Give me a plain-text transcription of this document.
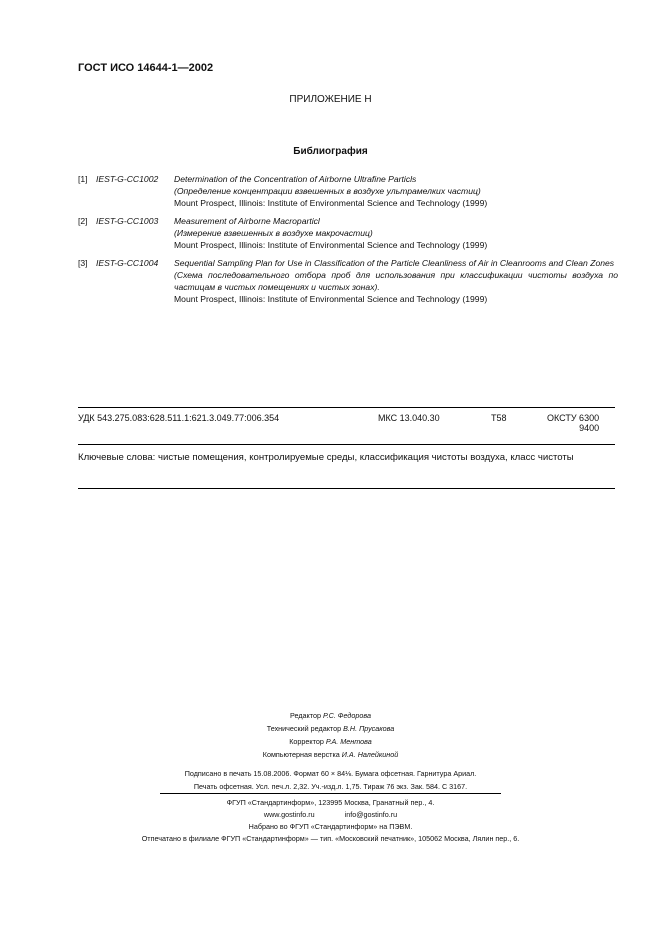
ГОСТ ИСО 14644-1—2002
ПРИЛОЖЕНИЕ Н
Библиография
[1] IEST-G-CC1002	Determination of the Concentration of Airborne Ultrafine Particls
(Определение концентрации взвешенных в воздухе ультрамелких частиц)
Mount Prospect, Illinois: Institute of Environmental Science and Technology (1999)
[2] IEST-G-CC1003	Measurement of Airborne Macroparticl
(Измерение взвешенных в воздухе макрочастиц)
Mount Prospect, Illinois: Institute of Environmental Science and Technology (1999)
[3] IEST-G-CC1004	Sequential Sampling Plan for Use in Classification of the Particle Cleanliness of Air in Cleanrooms and Clean Zones
(Схема последовательного отбора проб для использования при классификации чистоты воздуха по частицам в чистых помещениях и чистых зонах).
Mount Prospect, Illinois: Institute of Environmental Science and Technology (1999)
УДК 543.275.083:628.511.1:621.3.049.77:006.354	МКС 13.040.30	T58	ОКСТУ 6300
9400
Ключевые слова: чистые помещения, контролируемые среды, классификация чистоты воздуха, класс чистоты
Редактор Р.С. Федорова
Технический редактор В.Н. Прусакова
Корректор Р.А. Ментова
Компьютерная верстка И.А. Налейкиной
Подписано в печать 15.08.2006. Формат 60 × 84⅛. Бумага офсетная. Гарнитура Ариал.
Печать офсетная. Усл. печ.л. 2,32. Уч.-изд.л. 1,75. Тираж 76 экз. Зак. 584. С 3167.
ФГУП «Стандартинформ», 123995 Москва, Гранатный пер., 4.
www.gostinfo.ru	info@gostinfo.ru
Набрано во ФГУП «Стандартинформ» на ПЭВМ.
Отпечатано в филиале ФГУП «Стандартинформ» — тип. «Московский печатник», 105062 Москва, Лялин пер., 6.
